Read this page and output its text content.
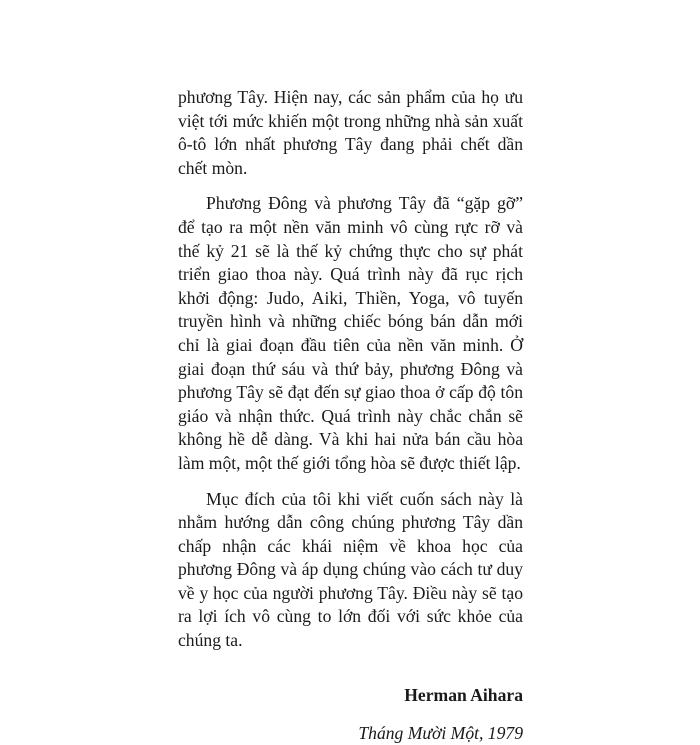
phương Tây. Hiện nay, các sản phẩm của họ ưu việt tới mức khiến một trong những nhà sản xuất ô-tô lớn nhất phương Tây đang phải chết dần chết mòn.

Phương Đông và phương Tây đã “gặp gỡ” để tạo ra một nền văn minh vô cùng rực rỡ và thế kỷ 21 sẽ là thế kỷ chứng thực cho sự phát triển giao thoa này. Quá trình này đã rục rịch khởi động: Judo, Aiki, Thiền, Yoga, vô tuyến truyền hình và những chiếc bóng bán dẫn mới chỉ là giai đoạn đầu tiên của nền văn minh. Ở giai đoạn thứ sáu và thứ bảy, phương Đông và phương Tây sẽ đạt đến sự giao thoa ở cấp độ tôn giáo và nhận thức. Quá trình này chắc chắn sẽ không hề dễ dàng. Và khi hai nửa bán cầu hòa làm một, một thế giới tổng hòa sẽ được thiết lập.

Mục đích của tôi khi viết cuốn sách này là nhằm hướng dẫn công chúng phương Tây dần chấp nhận các khái niệm về khoa học của phương Đông và áp dụng chúng vào cách tư duy về y học của người phương Tây. Điều này sẽ tạo ra lợi ích vô cùng to lớn đối với sức khỏe của chúng ta.

Herman Aihara
Tháng Mười Một, 1979
